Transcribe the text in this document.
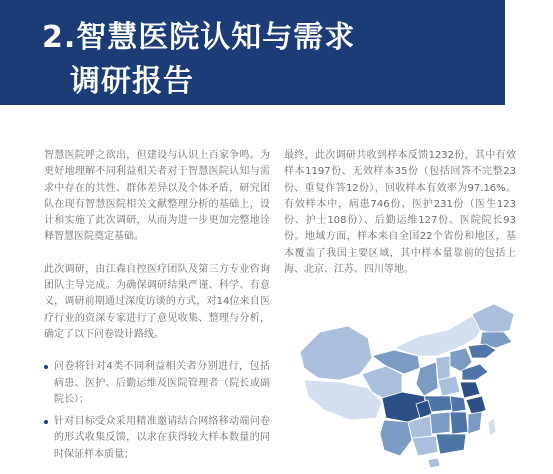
2.智慧医院认知与需求
调研报告

智慧医院呼之欲出，但建设与认识上百家争鸣。为更好地理解不同利益相关者对于智慧医院认知与需求中存在的共性、群体差异以及个体矛盾，研究团队在现有智慧医院相关文献整理分析的基础上，设计和实施了此次调研，从而为进一步更加完整地诠释智慧医院奠定基础。

此次调研，由江森自控医疗团队及第三方专业咨询团队主导完成。为确保调研结果严谨、科学、有意义，调研前期通过深度访谈的方式，对14位来自医疗行业的资深专家进行了意见收集、整理与分析，确定了以下问卷设计路线。

问卷将针对4类不同利益相关者分别进行，包括病患、医护、后勤运维及医院管理者（院长或副院长）；
针对目标受众采用精准邀请结合网络移动端问卷的形式收集反馈，以求在获得较大样本数量的同时保证样本质量；

最终，此次调研共收到样本反馈1232份，其中有效样本1197份、无效样本35份（包括回答不完整23份、重复作答12份），回收样本有效率为97.16%。有效样本中，病患746份、医护231份（医生123份、护士108份）、后勤运维127份、医院院长93份。地域方面，样本来自全国22个省份和地区，基本覆盖了我国主要区域，其中样本量靠前的包括上海、北京、江苏、四川等地。
